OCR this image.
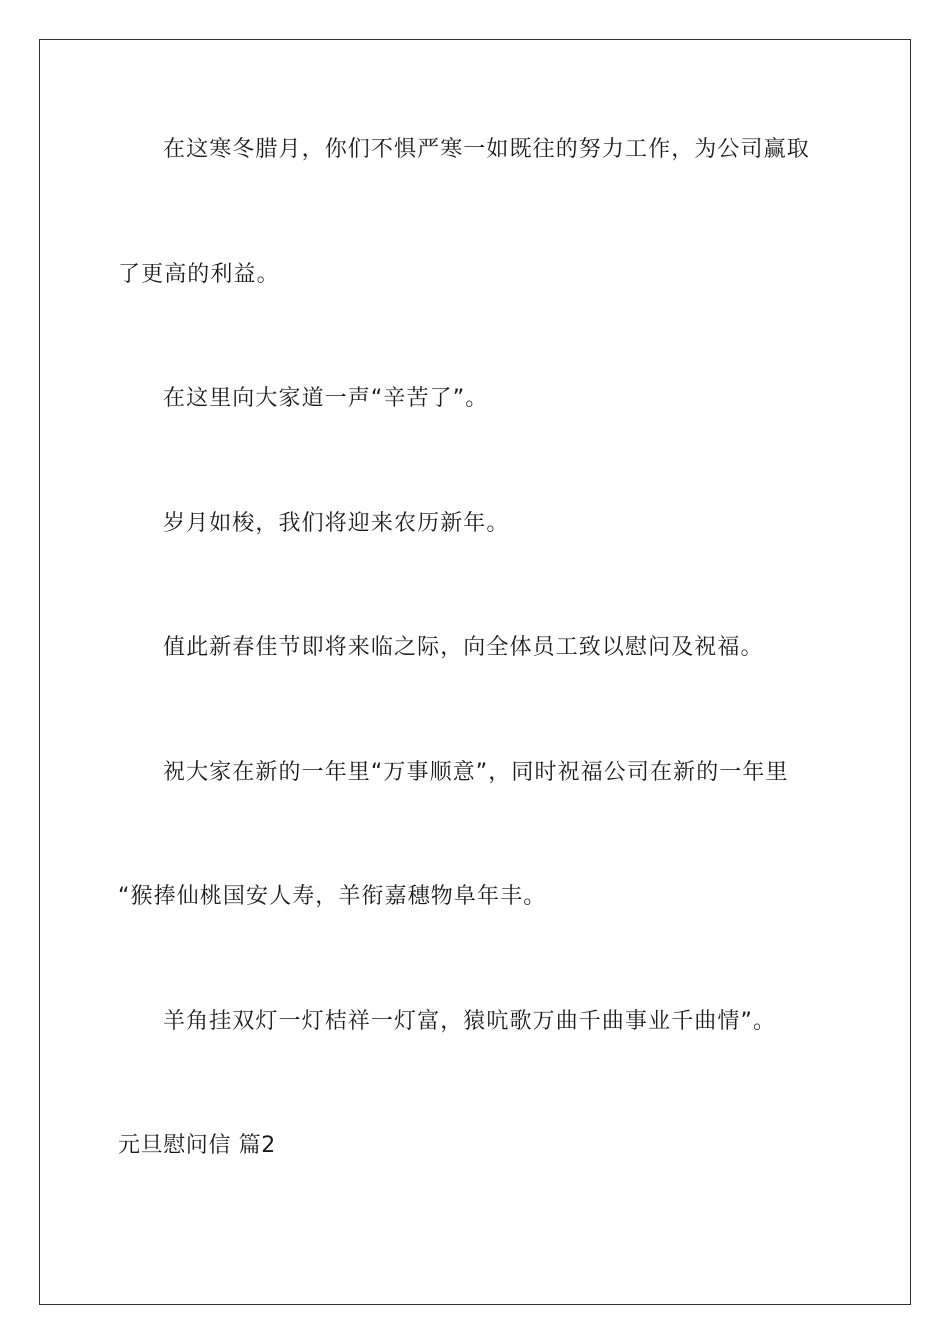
在这寒冬腊月，你们不惧严寒一如既往的努力工作，为公司赢取

了更高的利益。

在这里向大家道一声“辛苦了”。

岁月如梭，我们将迎来农历新年。

值此新春佳节即将来临之际，向全体员工致以慰问及祝福。

祝大家在新的一年里“万事顺意”，同时祝福公司在新的一年里

“猴捧仙桃国安人寿，羊衔嘉穗物阜年丰。

羊角挂双灯一灯桔祥一灯富，猿吭歌万曲千曲事业千曲情”。

元旦慰问信 篇2
